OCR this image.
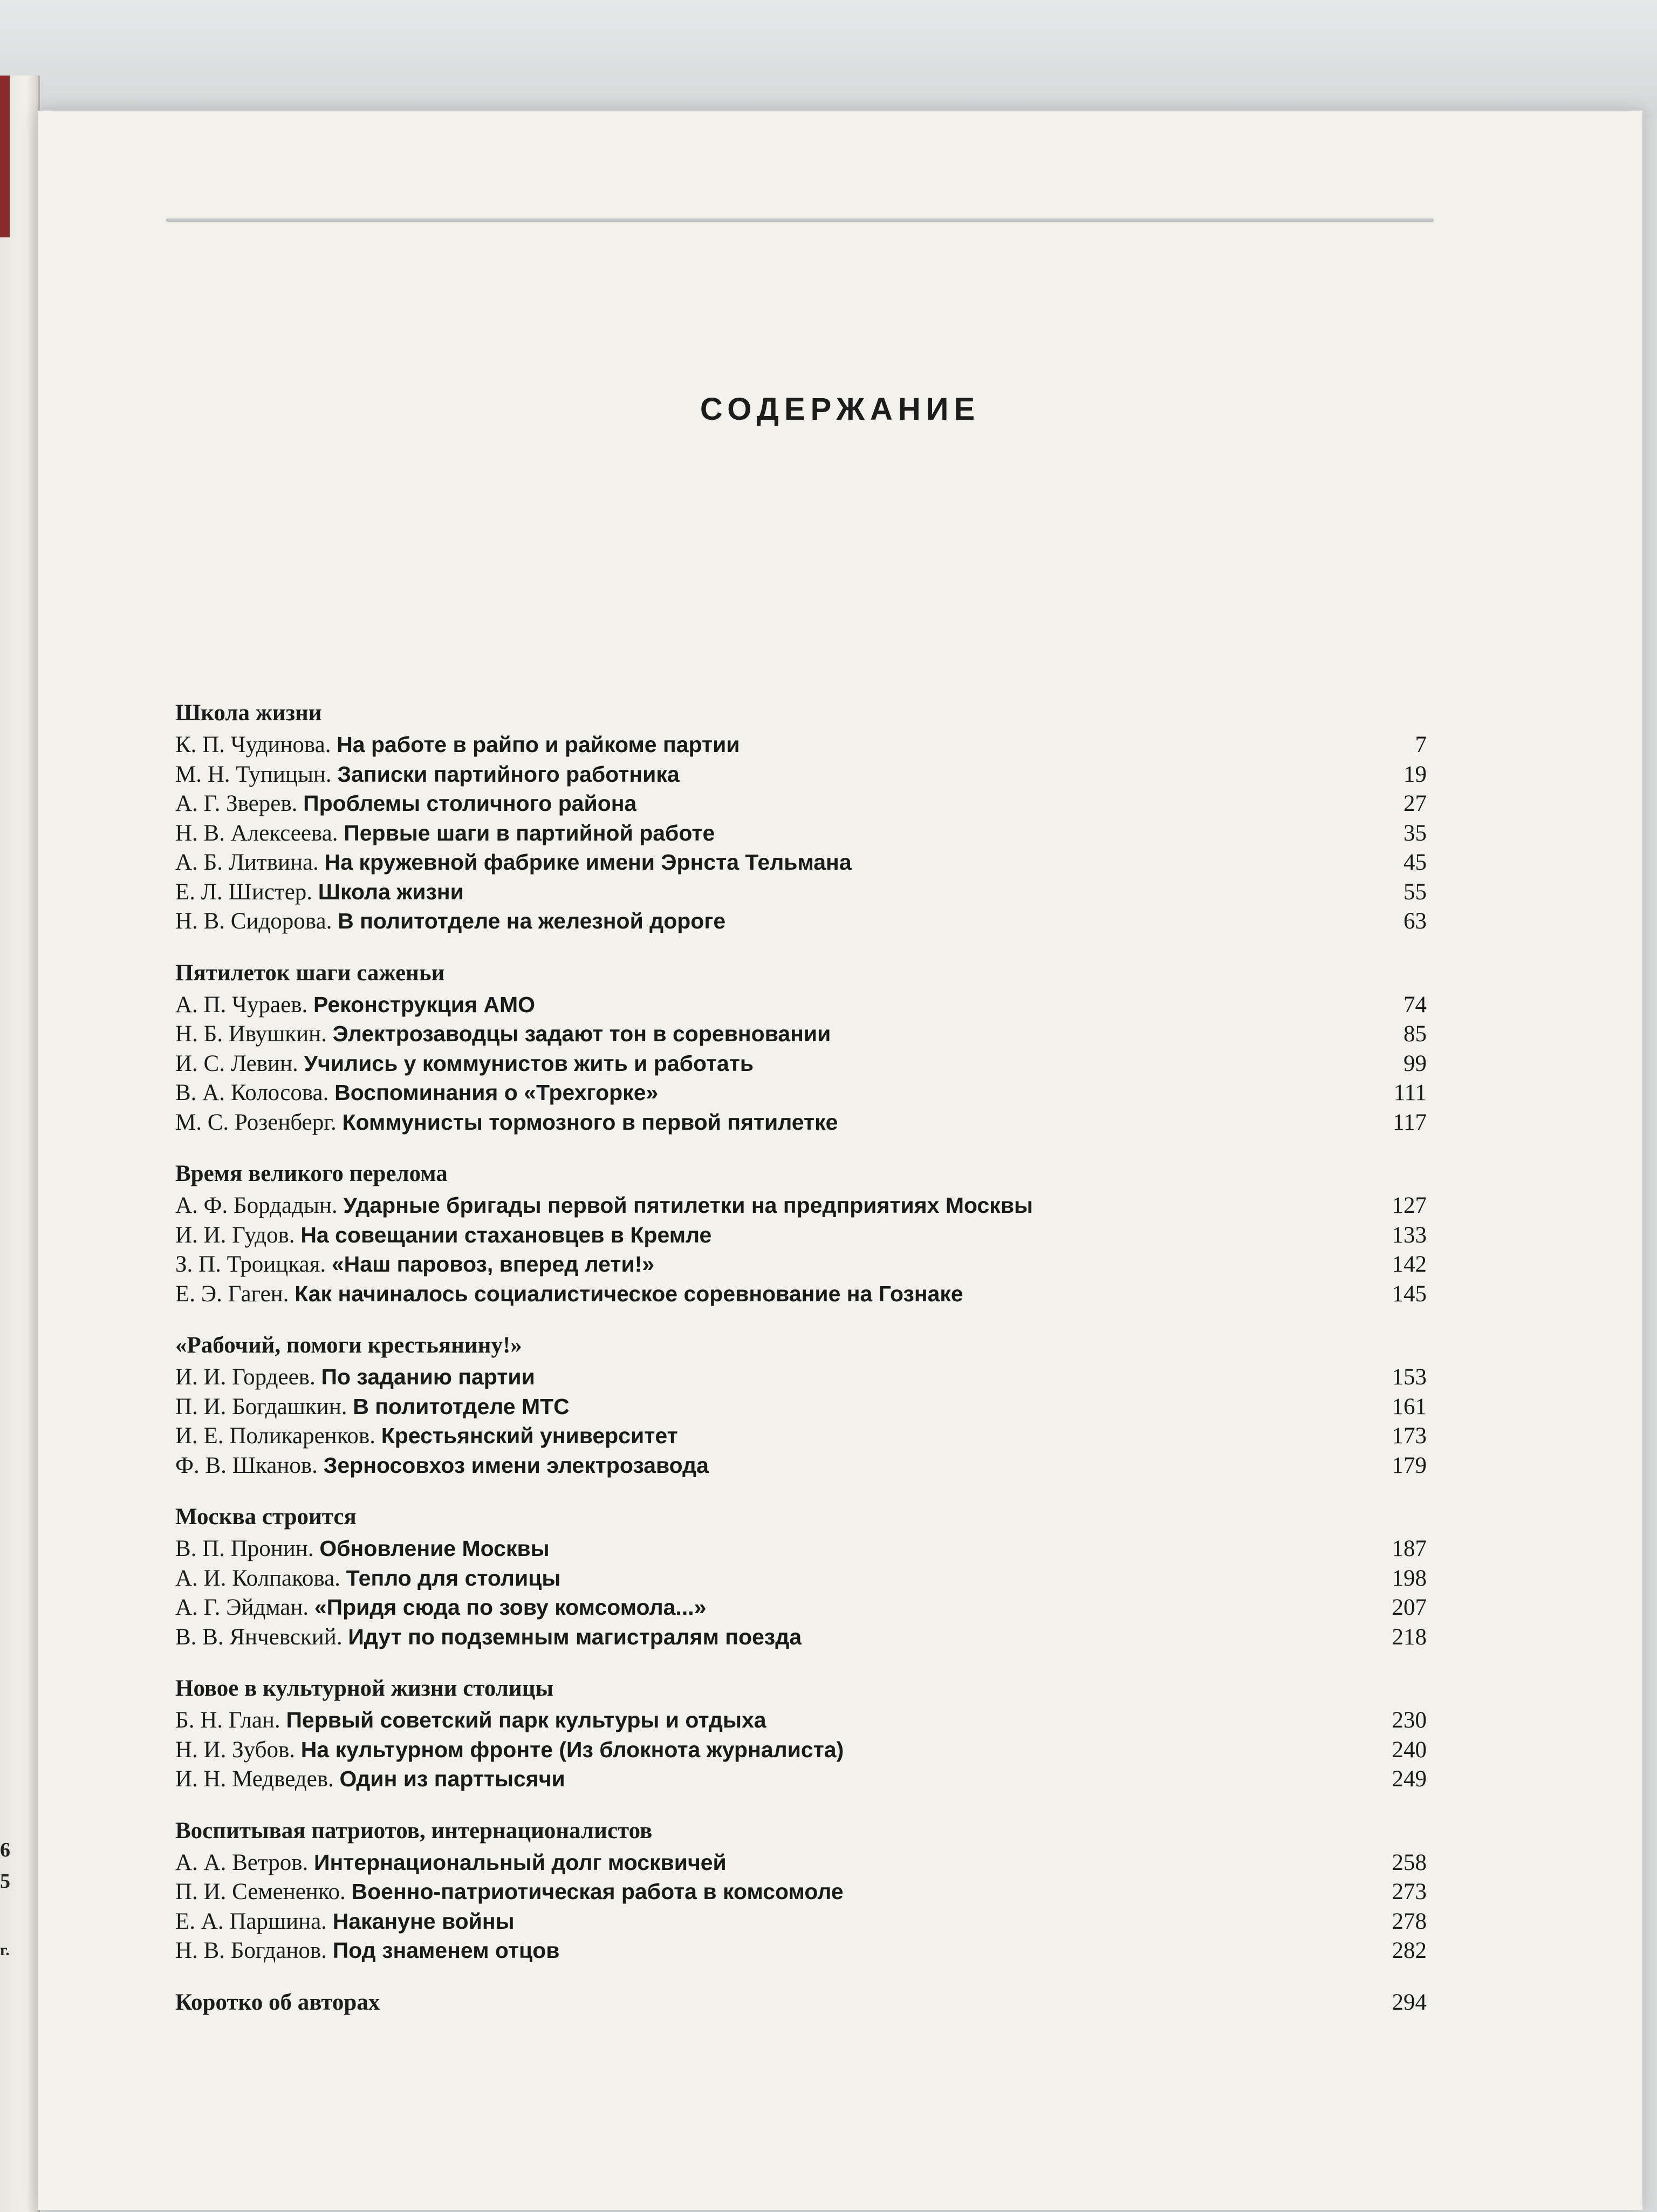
6
5
г.
СОДЕРЖАНИЕ
Школа жизни
К. П. Чудинова. На работе в райпо и райкоме партии	7
М. Н. Тупицын. Записки партийного работника	19
А. Г. Зверев. Проблемы столичного района	27
Н. В. Алексеева. Первые шаги в партийной работе	35
А. Б. Литвина. На кружевной фабрике имени Эрнста Тельмана	45
Е. Л. Шистер. Школа жизни	55
Н. В. Сидорова. В политотделе на железной дороге	63
Пятилеток шаги саженьи
А. П. Чураев. Реконструкция АМО	74
Н. Б. Ивушкин. Электрозаводцы задают тон в соревновании	85
И. С. Левин. Учились у коммунистов жить и работать	99
В. А. Колосова. Воспоминания о «Трехгорке»	111
М. С. Розенберг. Коммунисты тормозного в первой пятилетке	117
Время великого перелома
А. Ф. Бордадын. Ударные бригады первой пятилетки на предприятиях Москвы	127
И. И. Гудов. На совещании стахановцев в Кремле	133
З. П. Троицкая. «Наш паровоз, вперед лети!»	142
Е. Э. Гаген. Как начиналось социалистическое соревнование на Гознаке	145
«Рабочий, помоги крестьянину!»
И. И. Гордеев. По заданию партии	153
П. И. Богдашкин. В политотделе МТС	161
И. Е. Поликаренков. Крестьянский университет	173
Ф. В. Шканов. Зерносовхоз имени электрозавода	179
Москва строится
В. П. Пронин. Обновление Москвы	187
А. И. Колпакова. Тепло для столицы	198
А. Г. Эйдман. «Придя сюда по зову комсомола...»	207
В. В. Янчевский. Идут по подземным магистралям поезда	218
Новое в культурной жизни столицы
Б. Н. Глан. Первый советский парк культуры и отдыха	230
Н. И. Зубов. На культурном фронте (Из блокнота журналиста)	240
И. Н. Медведев. Один из парттысячи	249
Воспитывая патриотов, интернационалистов
А. А. Ветров. Интернациональный долг москвичей	258
П. И. Семененко. Военно-патриотическая работа в комсомоле	273
Е. А. Паршина. Накануне войны	278
Н. В. Богданов. Под знаменем отцов	282
Коротко об авторах	294
